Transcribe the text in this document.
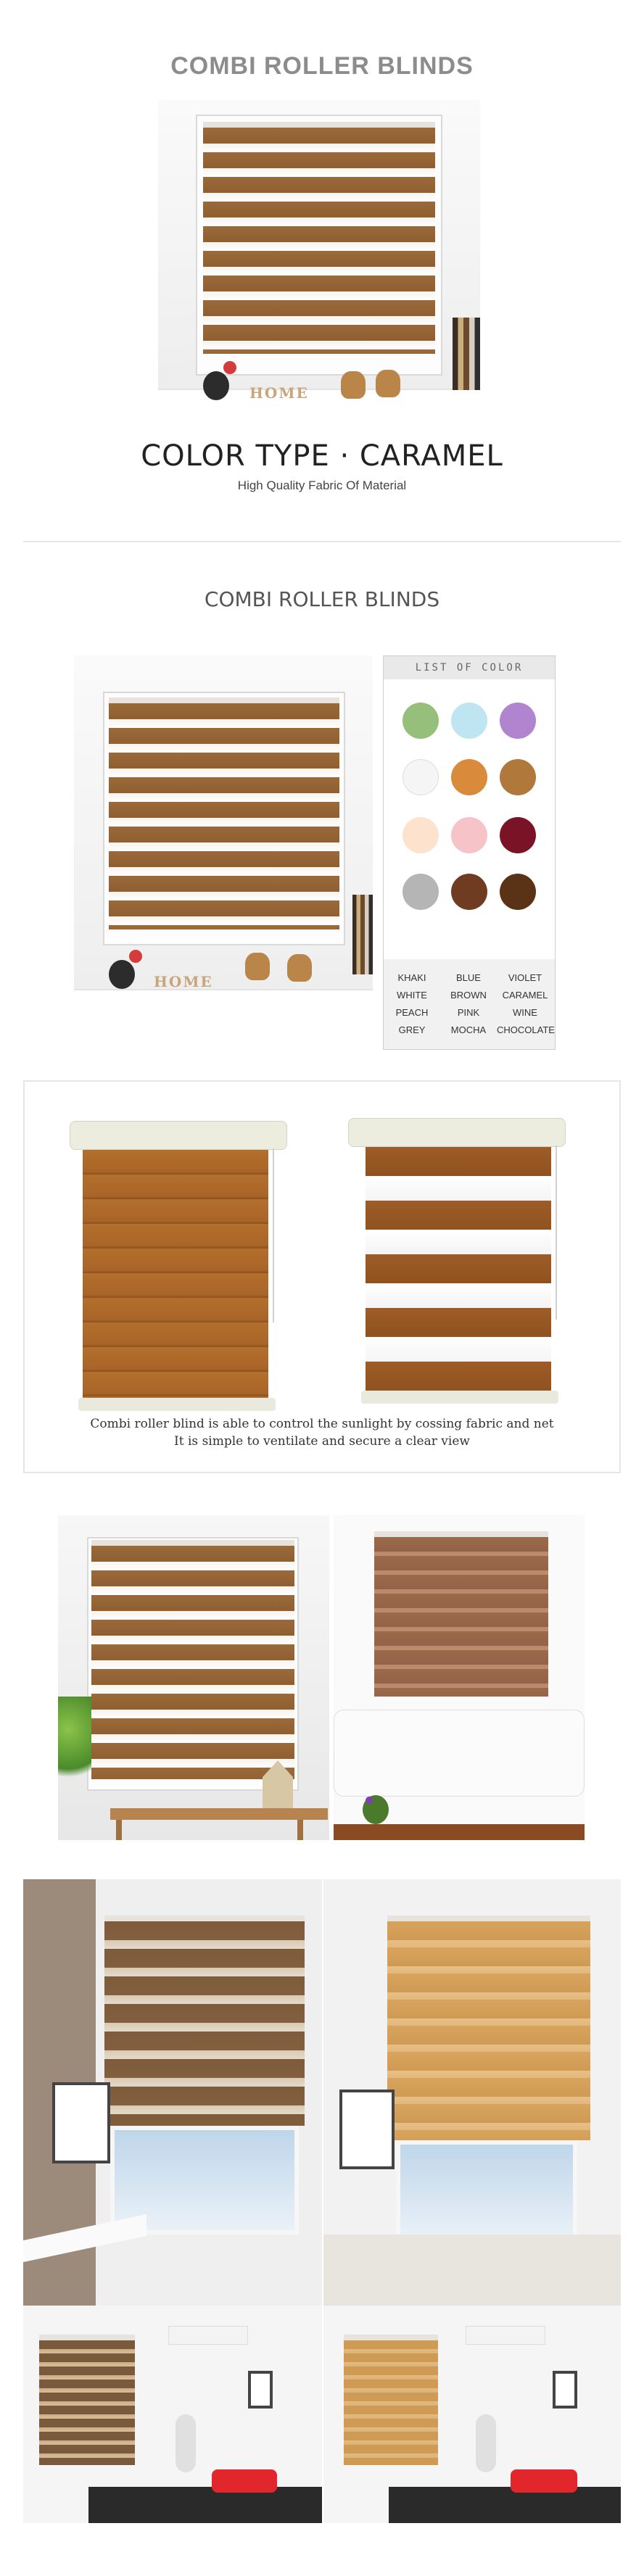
COMBI ROLLER BLINDS
HOME
COLOR TYPE · CARAMEL
High Quality Fabric Of Material
COMBI ROLLER BLINDS
HOME
LIST OF COLOR
KHAKI	BLUE	VIOLET
WHITE	BROWN	CARAMEL
PEACH	PINK	WINE
GREY	MOCHA	CHOCOLATE
Combi roller blind is able to control the sunlight by cossing fabric and net
It is simple to ventilate and secure a clear view
